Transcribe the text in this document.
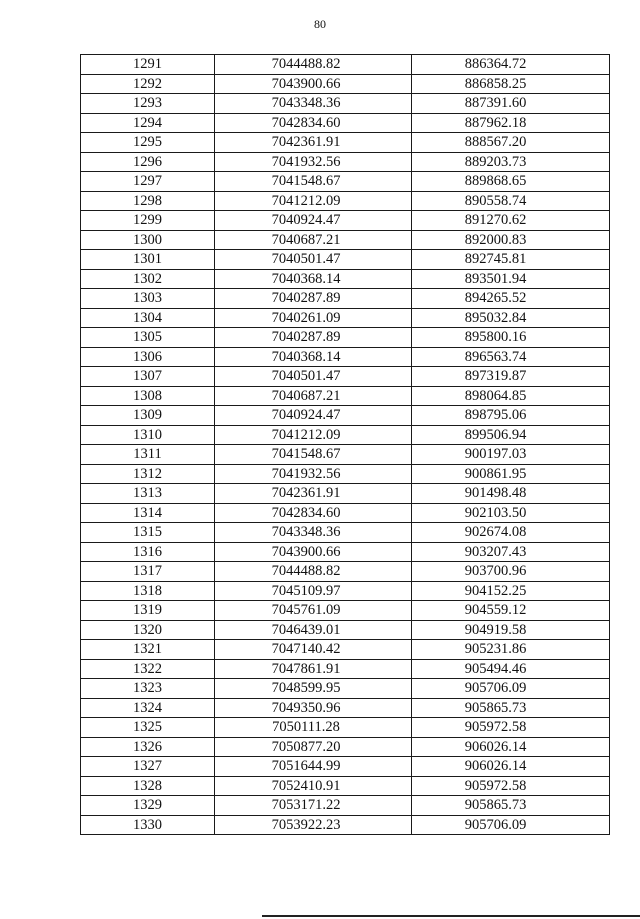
80
1291	7044488.82	886364.72
1292	7043900.66	886858.25
1293	7043348.36	887391.60
1294	7042834.60	887962.18
1295	7042361.91	888567.20
1296	7041932.56	889203.73
1297	7041548.67	889868.65
1298	7041212.09	890558.74
1299	7040924.47	891270.62
1300	7040687.21	892000.83
1301	7040501.47	892745.81
1302	7040368.14	893501.94
1303	7040287.89	894265.52
1304	7040261.09	895032.84
1305	7040287.89	895800.16
1306	7040368.14	896563.74
1307	7040501.47	897319.87
1308	7040687.21	898064.85
1309	7040924.47	898795.06
1310	7041212.09	899506.94
1311	7041548.67	900197.03
1312	7041932.56	900861.95
1313	7042361.91	901498.48
1314	7042834.60	902103.50
1315	7043348.36	902674.08
1316	7043900.66	903207.43
1317	7044488.82	903700.96
1318	7045109.97	904152.25
1319	7045761.09	904559.12
1320	7046439.01	904919.58
1321	7047140.42	905231.86
1322	7047861.91	905494.46
1323	7048599.95	905706.09
1324	7049350.96	905865.73
1325	7050111.28	905972.58
1326	7050877.20	906026.14
1327	7051644.99	906026.14
1328	7052410.91	905972.58
1329	7053171.22	905865.73
1330	7053922.23	905706.09
